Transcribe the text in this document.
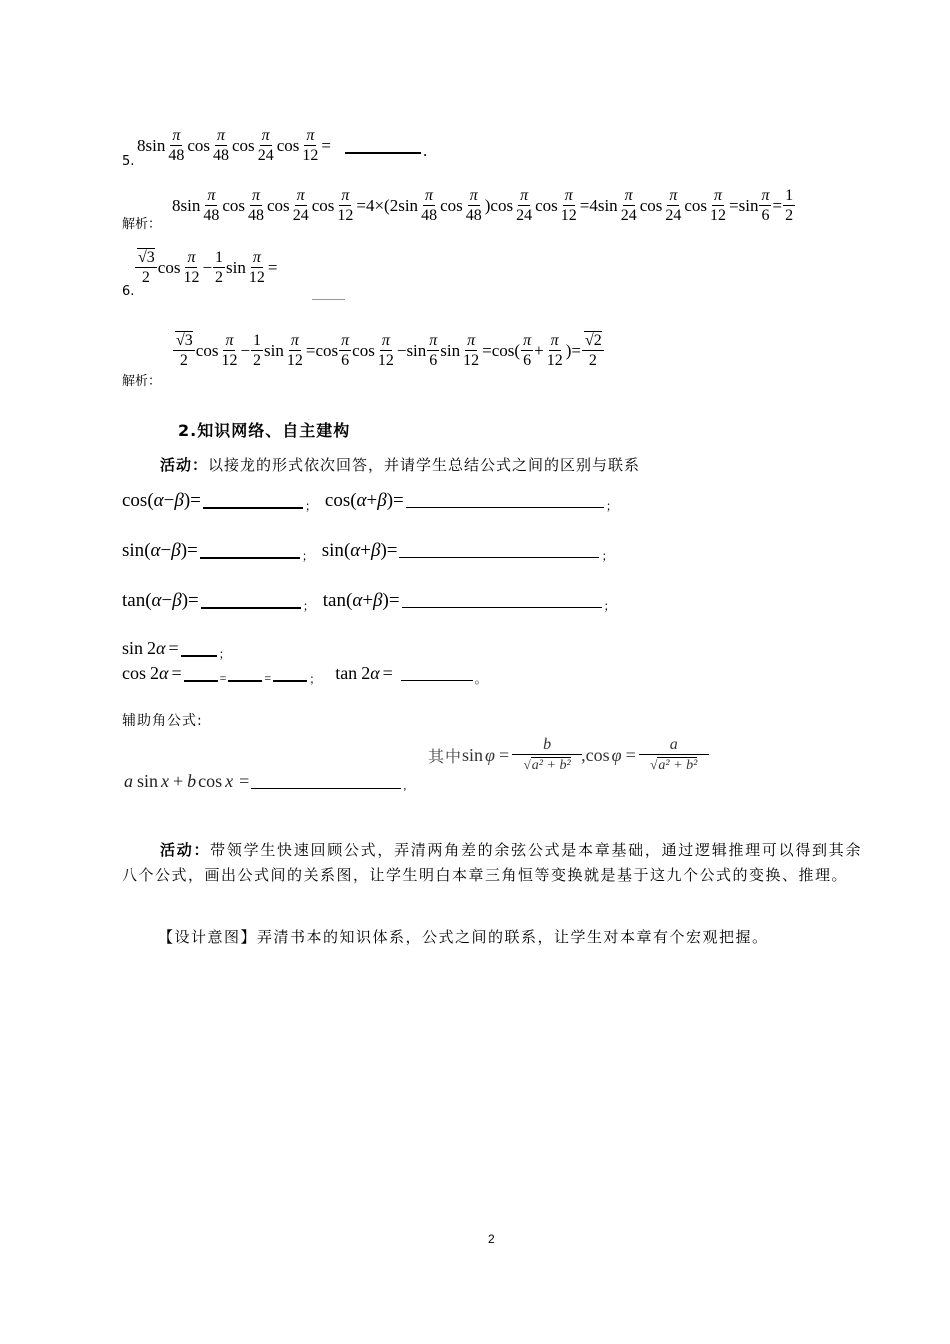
5.
8 $\sin \frac{\pi}{48}$ $\cos \frac{\pi}{48}$ $\cos \frac{\pi}{24}$ $\cos \frac{\pi}{12}$ =	.
解析：
8 $\sin \frac{\pi}{48}$ $\cos \frac{\pi}{48}$ $\cos \frac{\pi}{24}$ $\cos \frac{\pi}{12} = 4$ × ( 2 $\sin \frac{\pi}{48}$ $\cos \frac{\pi}{48}$ ) $\cos \frac{\pi}{24}$ $\cos \frac{\pi}{12} = 4$ $\sin \frac{\pi}{24}$ $\cos \frac{\pi}{24}$ $\cos \frac{\pi}{12} = \sin \frac{\pi}{6} = \frac{1}{2}$
6.
$\frac{√3}{2}$ $\cos \frac{\pi}{12} - \frac{1}{2}$ $\sin \frac{\pi}{12}$ =
解析：
$\frac{√3}{2}$ $\cos \frac{\pi}{12} - \frac{1}{2}$ $\sin \frac{\pi}{12} = \cos \frac{\pi}{6}$ $\cos \frac{\pi}{12} - \sin \frac{\pi}{6}$ $\sin \frac{\pi}{12} = \cos$ ( $\frac{\pi}{6} + \frac{\pi}{12}$ ) = $\frac{√2}{2}$
2.知识网络、自主建构
活动：以接龙的形式依次回答，并请学生总结公式之间的区别与联系
cos ( α − β ) =	； cos ( α + β ) =	；
sin ( α − β ) =	； sin ( α + β ) =	；
tan ( α − β ) =	； tan ( α + β ) =	；
sin 2 α =	；
cos 2 α =	=	=	； tan 2 α =	。
辅助角公式:
a sin x + b cos x =	,
其中 $\sin \varphi = \frac{b}{\text{√a² + b²}}$ , $\cos \varphi = \frac{a}{\text{√a² + b²}}$
活动：带领学生快速回顾公式，弄清两角差的余弦公式是本章基础，通过逻辑推理可以得到其余八个公式，画出公式间的关系图，让学生明白本章三角恒等变换就是基于这九个公式的变换、推理。
【设计意图】弄清书本的知识体系，公式之间的联系，让学生对本章有个宏观把握。
2
